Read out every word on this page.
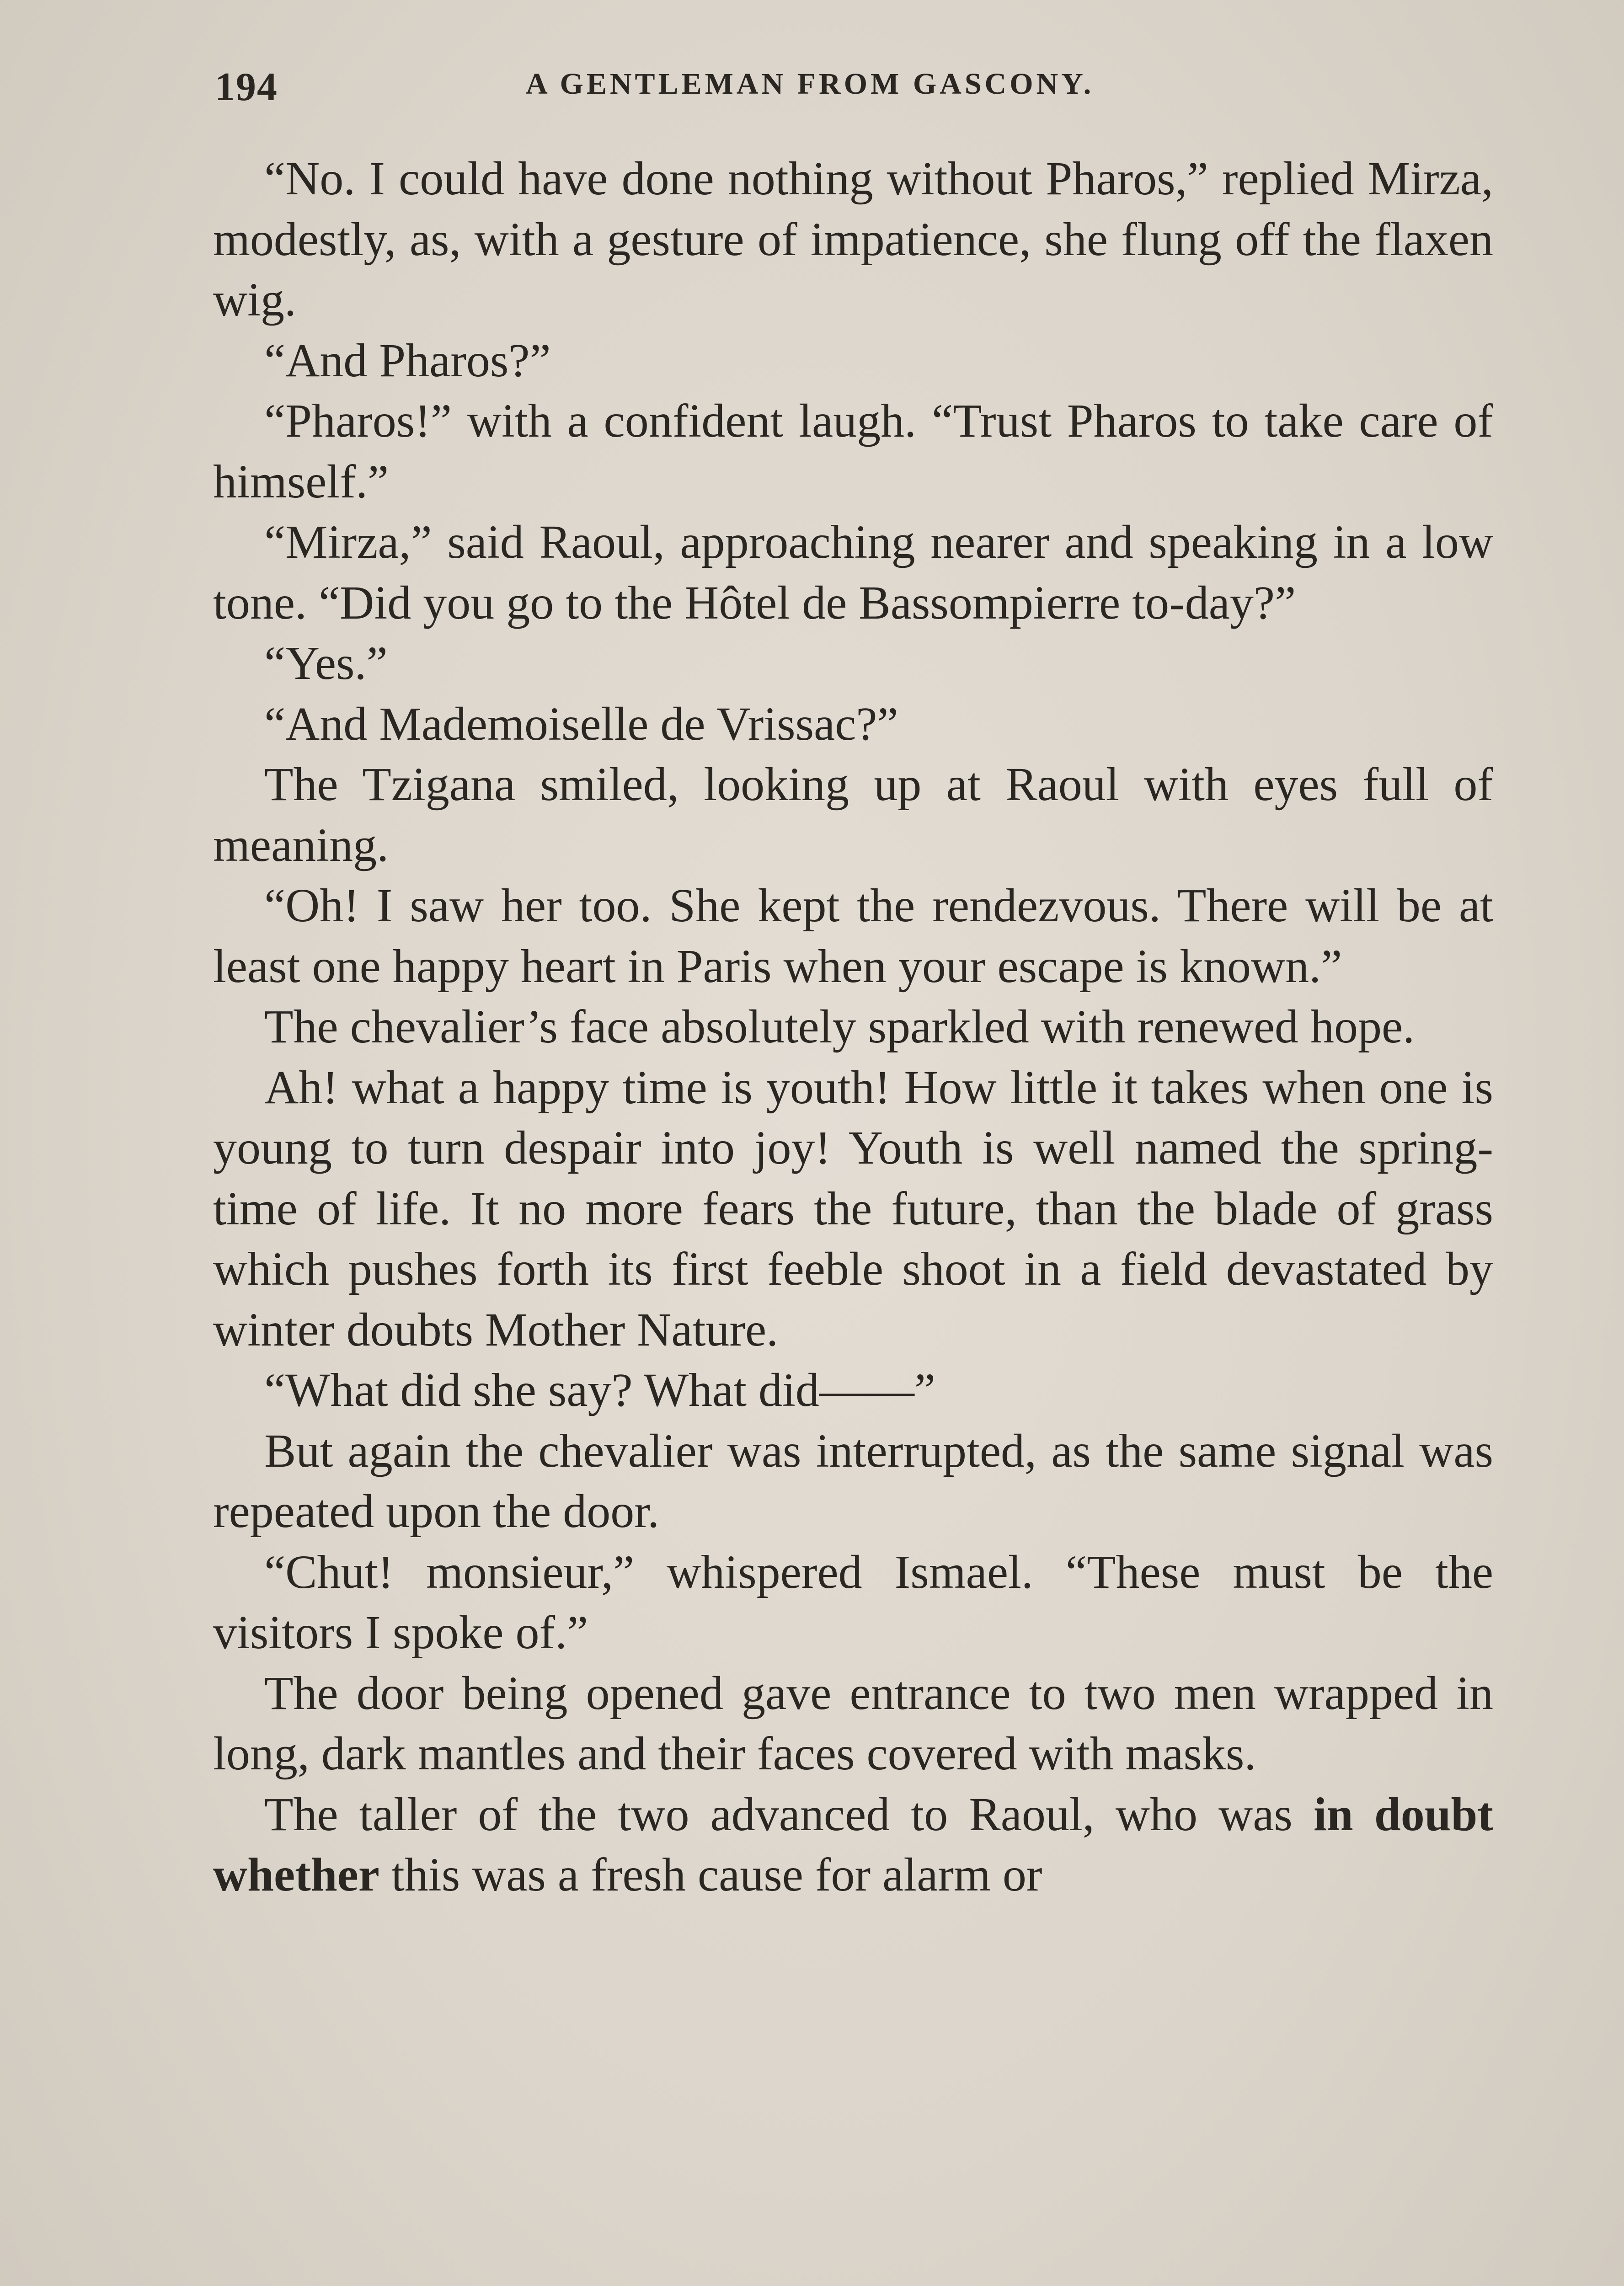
194	A GENTLEMAN FROM GASCONY.

“No. I could have done nothing without Pharos,” replied Mirza, modestly, as, with a gesture of impatience, she flung off the flaxen wig.

“And Pharos?”

“Pharos!” with a confident laugh. “Trust Pharos to take care of himself.”

“Mirza,” said Raoul, approaching nearer and speaking in a low tone. “Did you go to the Hôtel de Bassompierre to-day?”

“Yes.”

“And Mademoiselle de Vrissac?”

The Tzigana smiled, looking up at Raoul with eyes full of meaning.

“Oh! I saw her too. She kept the rendezvous. There will be at least one happy heart in Paris when your escape is known.”

The chevalier’s face absolutely sparkled with renewed hope.

Ah! what a happy time is youth! How little it takes when one is young to turn despair into joy! Youth is well named the spring-time of life. It no more fears the future, than the blade of grass which pushes forth its first feeble shoot in a field devastated by winter doubts Mother Nature.

“What did she say? What did——”

But again the chevalier was interrupted, as the same signal was repeated upon the door.

“Chut! monsieur,” whispered Ismael. “These must be the visitors I spoke of.”

The door being opened gave entrance to two men wrapped in long, dark mantles and their faces covered with masks.

The taller of the two advanced to Raoul, who was in doubt whether this was a fresh cause for alarm or
